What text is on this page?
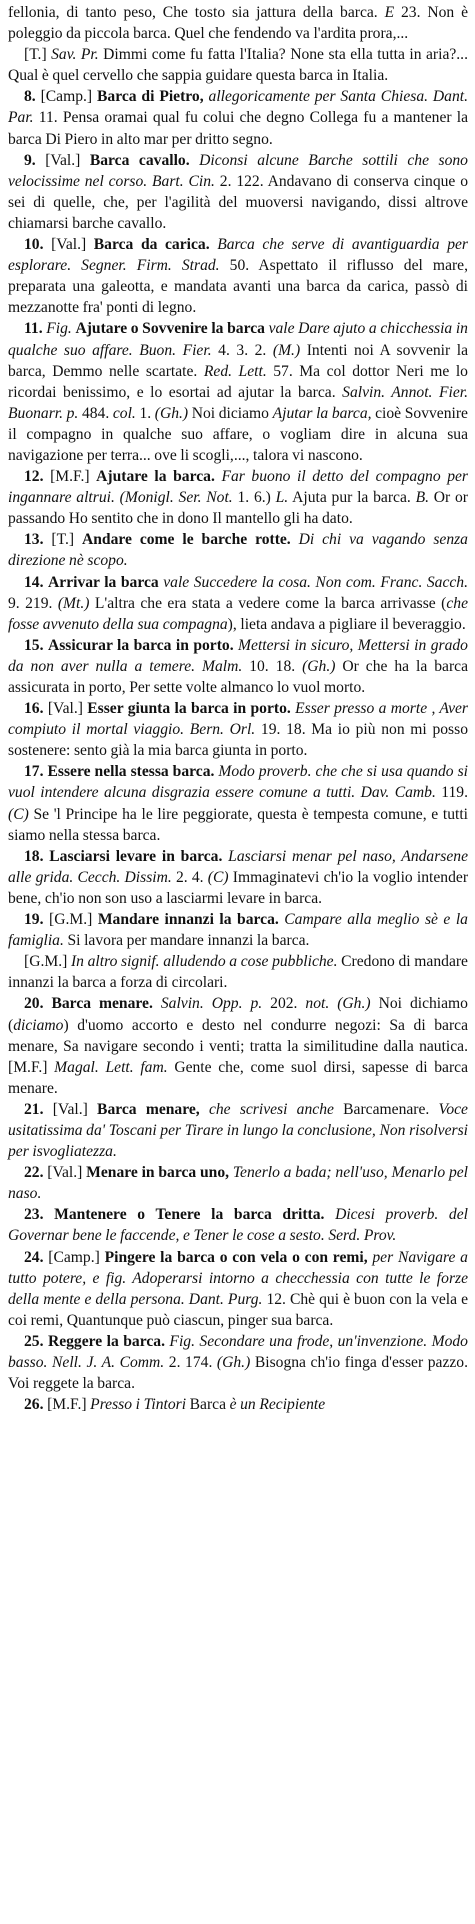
fellonia, di tanto peso, Che tosto sia jattura della barca. E 23. Non è poleggio da piccola barca. Quel che fendendo va l'ardita prora,...

[T.] Sav. Pr. Dimmi come fu fatta l'Italia? None sta ella tutta in aria?... Qual è quel cervello che sappia guidare questa barca in Italia.

8. [Camp.] Barca di Pietro, allegoricamente per Santa Chiesa. Dant. Par. 11. Pensa oramai qual fu colui che degno Collega fu a mantener la barca Di Piero in alto mar per dritto segno.

9. [Val.] Barca cavallo. Diconsi alcune Barche sottili che sono velocissime nel corso. Bart. Cin. 2. 122. Andavano di conserva cinque o sei di quelle, che, per l'agilità del muoversi navigando, dissi altrove chiamarsi barche cavallo.

10. [Val.] Barca da carica. Barca che serve di avantiguardia per esplorare. Segner. Firm. Strad. 50. Aspettato il riflusso del mare, preparata una galeotta, e mandata avanti una barca da carica, passò di mezzanotte fra' ponti di legno.

11. Fig. Ajutare o Sovvenire la barca vale Dare ajuto a chicchessia in qualche suo affare. Buon. Fier. 4. 3. 2. (M.) Intenti noi A sovvenir la barca, Demmo nelle scartate. Red. Lett. 57. Ma col dottor Neri me lo ricordai benissimo, e lo esortai ad ajutar la barca. Salvin. Annot. Fier. Buonarr. p. 484. col. 1. (Gh.) Noi diciamo Ajutar la barca, cioè Sovvenire il compagno in qualche suo affare, o vogliam dire in alcuna sua navigazione per terra... ove li scogli,..., talora vi nascono.

12. [M.F.] Ajutare la barca. Far buono il detto del compagno per ingannare altrui. (Monigl. Ser. Not. 1. 6.) L. Ajuta pur la barca. B. Or or passando Ho sentito che in dono Il mantello gli ha dato.

13. [T.] Andare come le barche rotte. Di chi va vagando senza direzione nè scopo.

14. Arrivar la barca vale Succedere la cosa. Non com. Franc. Sacch. 9. 219. (Mt.) L'altra che era stata a vedere come la barca arrivasse (che fosse avvenuto della sua compagna), lieta andava a pigliare il beveraggio.

15. Assicurar la barca in porto. Mettersi in sicuro, Mettersi in grado da non aver nulla a temere. Malm. 10. 18. (Gh.) Or che ha la barca assicurata in porto, Per sette volte almanco lo vuol morto.

16. [Val.] Esser giunta la barca in porto. Esser presso a morte , Aver compiuto il mortal viaggio. Bern. Orl. 19. 18. Ma io più non mi posso sostenere: sento già la mia barca giunta in porto.

17. Essere nella stessa barca. Modo proverb. che che si usa quando si vuol intendere alcuna disgrazia essere comune a tutti. Dav. Camb. 119. (C) Se 'l Principe ha le lire peggiorate, questa è tempesta comune, e tutti siamo nella stessa barca.

18. Lasciarsi levare in barca. Lasciarsi menar pel naso, Andarsene alle grida. Cecch. Dissim. 2. 4. (C) Immaginatevi ch'io la voglio intender bene, ch'io non son uso a lasciarmi levare in barca.

19. [G.M.] Mandare innanzi la barca. Campare alla meglio sè e la famiglia. Si lavora per mandare innanzi la barca.

[G.M.] In altro signif. alludendo a cose pubbliche. Credono di mandare innanzi la barca a forza di circolari.

20. Barca menare. Salvin. Opp. p. 202. not. (Gh.) Noi dichiamo (diciamo) d'uomo accorto e desto nel condurre negozi: Sa di barca menare, Sa navigare secondo i venti; tratta la similitudine dalla nautica. [M.F.] Magal. Lett. fam. Gente che, come suol dirsi, sapesse di barca menare.

21. [Val.] Barca menare, che scrivesi anche Barcamenare. Voce usitatissima da' Toscani per Tirare in lungo la conclusione, Non risolversi per isvogliatezza.

22. [Val.] Menare in barca uno, Tenerlo a bada; nell'uso, Menarlo pel naso.

23. Mantenere o Tenere la barca dritta. Dicesi proverb. del Governar bene le faccende, e Tener le cose a sesto. Serd. Prov.

24. [Camp.] Pingere la barca o con vela o con remi, per Navigare a tutto potere, e fig. Adoperarsi intorno a checchessia con tutte le forze della mente e della persona. Dant. Purg. 12. Chè qui è buon con la vela e coi remi, Quantunque può ciascun, pinger sua barca.

25. Reggere la barca. Fig. Secondare una frode, un'invenzione. Modo basso. Nell. J. A. Comm. 2. 174. (Gh.) Bisogna ch'io finga d'esser pazzo. Voi reggete la barca.

26. [M.F.] Presso i Tintori Barca è un Recipiente
